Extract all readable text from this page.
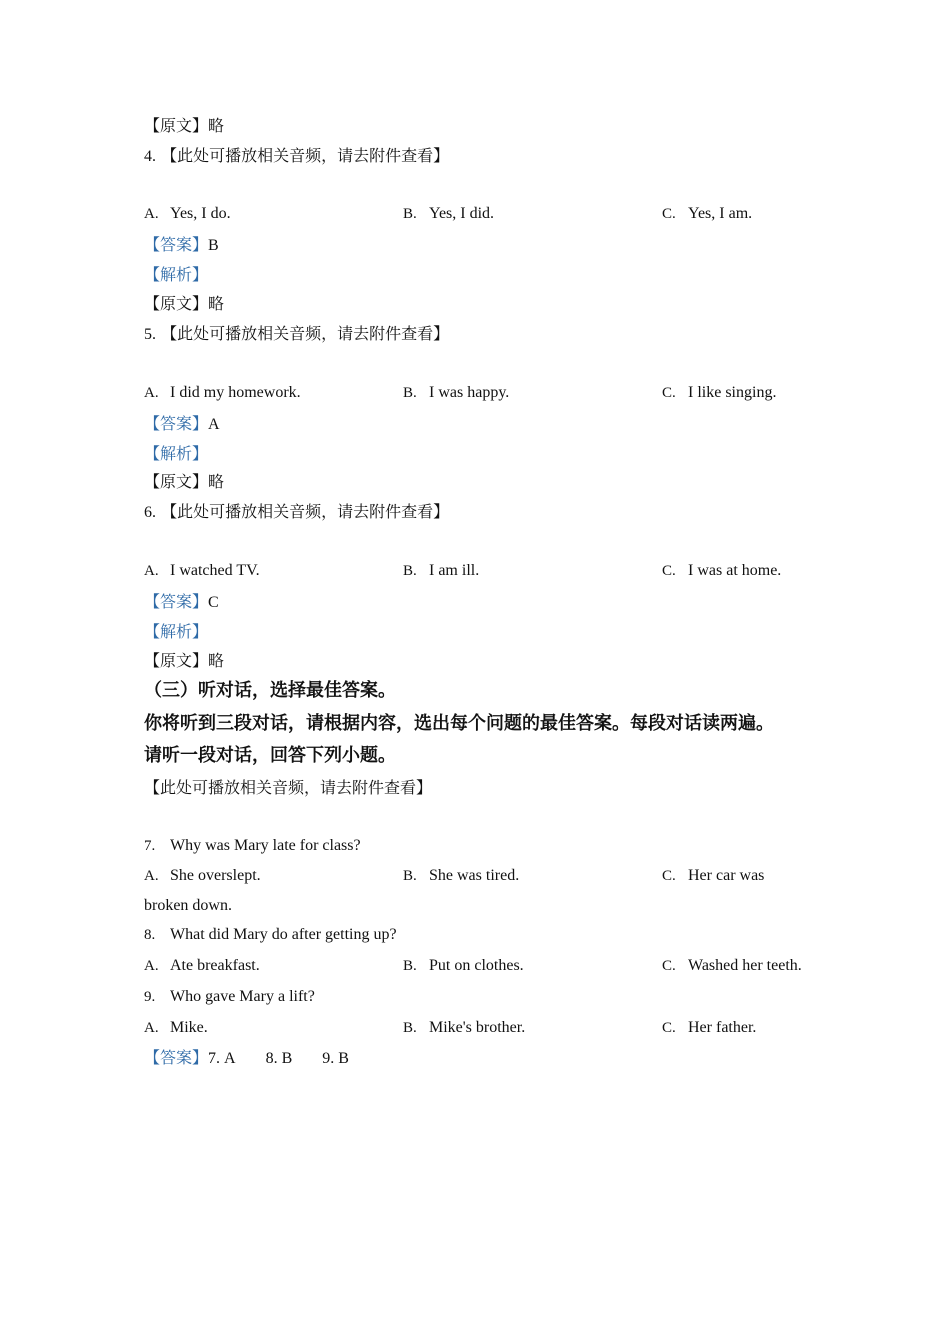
【原文】略
4. 【此处可播放相关音频，请去附件查看】
A. Yes, I do.	B. Yes, I did.	C. Yes, I am.
【答案】B
【解析】
【原文】略
5. 【此处可播放相关音频，请去附件查看】
A. I did my homework.	B. I was happy.	C. I like singing.
【答案】A
【解析】
【原文】略
6. 【此处可播放相关音频，请去附件查看】
A. I watched TV.	B. I am ill.	C. I was at home.
【答案】C
【解析】
【原文】略
（三）听对话，选择最佳答案。
你将听到三段对话，请根据内容，选出每个问题的最佳答案。每段对话读两遍。
请听一段对话，回答下列小题。
【此处可播放相关音频，请去附件查看】
7. Why was Mary late for class?
A. She overslept.	B. She was tired.	C. Her car was
broken down.
8. What did Mary do after getting up?
A. Ate breakfast.	B. Put on clothes.	C. Washed her teeth.
9. Who gave Mary a lift?
A. Mike.	B. Mike's brother.	C. Her father.
【答案】7. A 8. B 9. B
